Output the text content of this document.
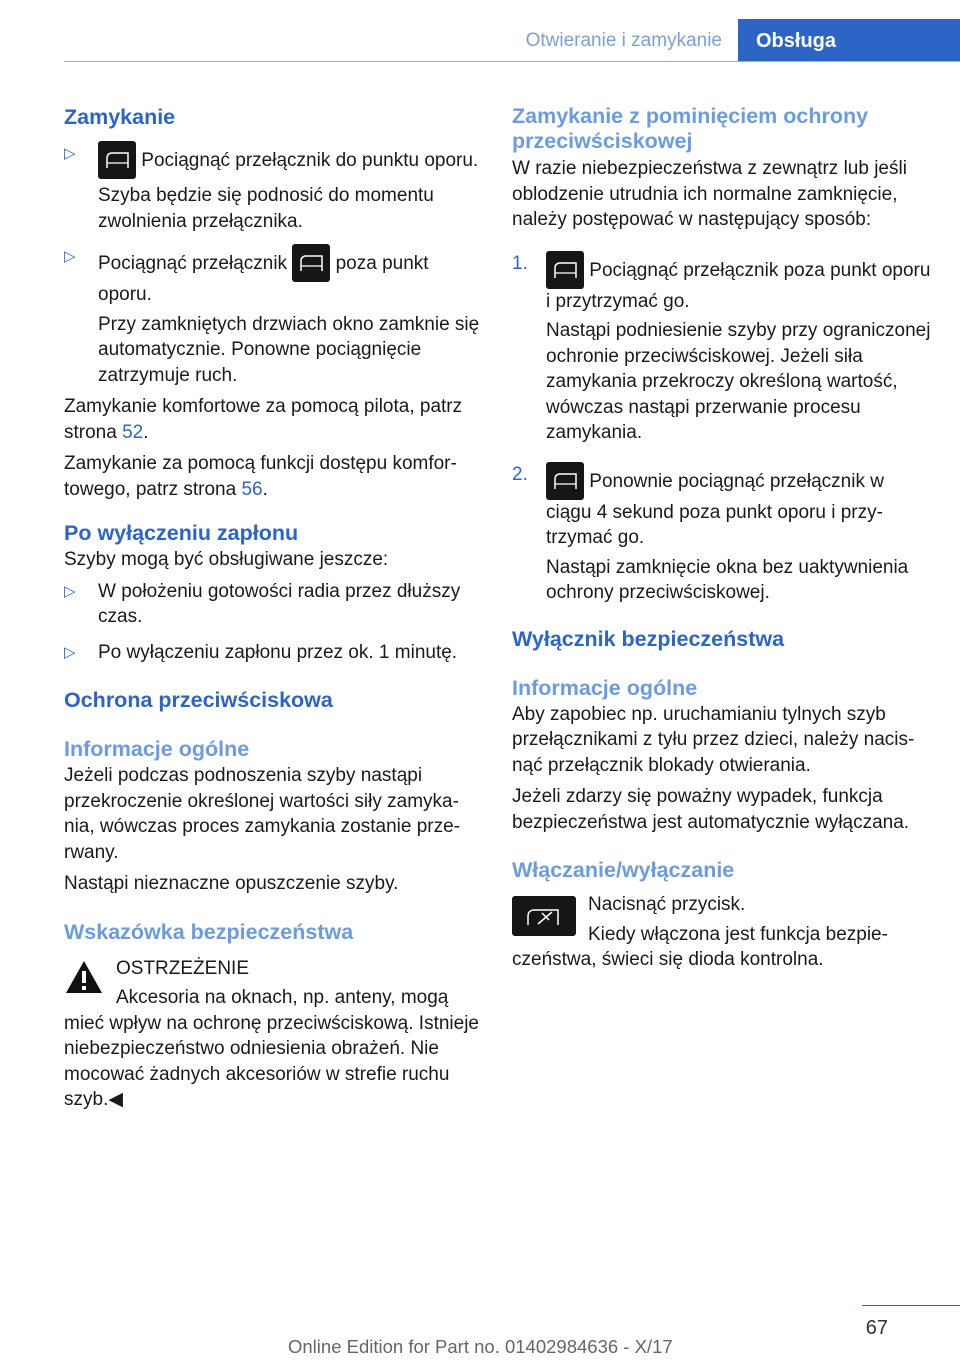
Otwieranie i zamykanie	Obsługa
Zamykanie
▷	Pociągnąć przełącznik do punktu oporu.

Szyba będzie się podnosić do momentu zwolnienia przełącznika.

▷ Pociągnąć przełącznik
poza punkt oporu.

Przy zamkniętych drzwiach okno zamknie się automatycznie. Ponowne pociągnięcie zatrzymuje ruch.

Zamykanie komfortowe za pomocą pilota, patrz strona 52.

Zamykanie za pomocą funkcji dostępu komfortowego, patrz strona 56.

Po wyłączeniu zapłonu

Szyby mogą być obsługiwane jeszcze:

▷ W położeniu gotowości radia przez dłuższy czas.

▷ Po wyłączeniu zapłonu przez ok. 1 minutę.

Ochrona przeciwściskowa
Informacje ogólne

Jeżeli podczas podnoszenia szyby nastąpi przekroczenie określonej wartości siły zamykania, wówczas proces zamykania zostanie przerwany.

Nastąpi nieznaczne opuszczenie szyby.

Wskazówka bezpieczeństwa

OSTRZEŻENIE

Akcesoria na oknach, np. anteny, mogą mieć wpływ na ochronę przeciwściskową. Istnieje niebezpieczeństwo odniesienia obrażeń. Nie mocować żadnych akcesoriów w strefie ruchu szyb.◀

Zamykanie z pominięciem ochrony przeciwściskowej

W razie niebezpieczeństwa z zewnątrz lub jeśli oblodzenie utrudnia ich normalne zamknięcie, należy postępować w następujący sposób:

1.	Pociągnąć przełącznik poza punkt oporu i przytrzymać go.

Nastąpi podniesienie szyby przy ograniczonej ochronie przeciwściskowej. Jeżeli siła zamykania przekroczy określoną wartość, wówczas nastąpi przerwanie procesu zamykania.

2.	Ponownie pociągnąć przełącznik w ciągu 4 sekund poza punkt oporu i przytrzymać go.

Nastąpi zamknięcie okna bez uaktywnienia ochrony przeciwściskowej.

Wyłącznik bezpieczeństwa
Informacje ogólne

Aby zapobiec np. uruchamianiu tylnych szyb przełącznikami z tyłu przez dzieci, należy nacisnąć przełącznik blokady otwierania.

Jeżeli zdarzy się poważny wypadek, funkcja bezpieczeństwa jest automatycznie wyłączana.

Włączanie/wyłączanie

Nacisnąć przycisk.

Kiedy włączona jest funkcja bezpieczeństwa, świeci się dioda kontrolna.

67
Online Edition for Part no. 01402984636 - X/17
